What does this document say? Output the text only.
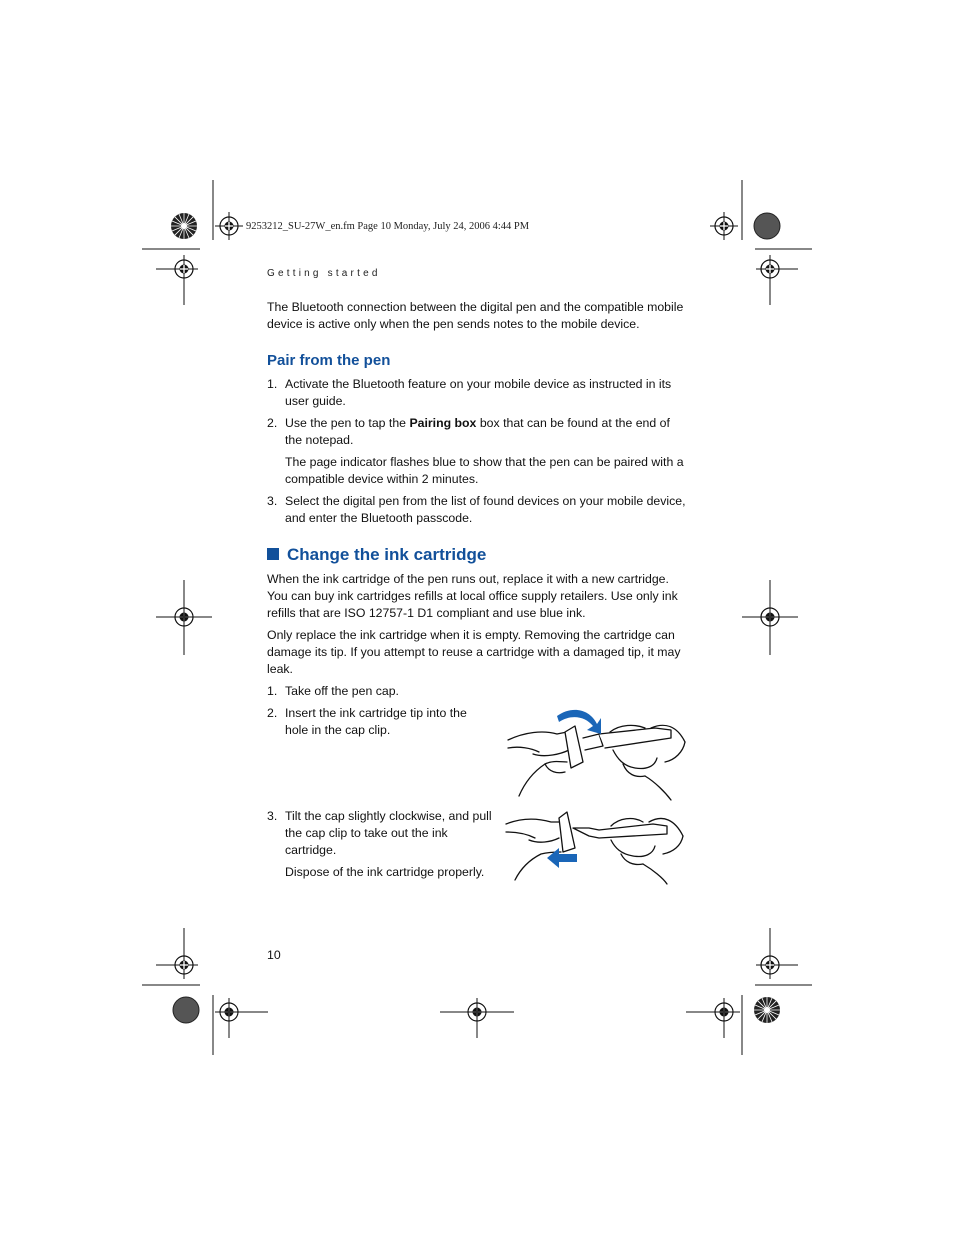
9253212_SU-27W_en.fm Page 10 Monday, July 24, 2006 4:44 PM
Getting started
The Bluetooth connection between the digital pen and the compatible mobile device is active only when the pen sends notes to the mobile device.
Pair from the pen
1. Activate the Bluetooth feature on your mobile device as instructed in its user guide.
2. Use the pen to tap the Pairing box box that can be found at the end of the notepad.
The page indicator flashes blue to show that the pen can be paired with a compatible device within 2 minutes.
3. Select the digital pen from the list of found devices on your mobile device, and enter the Bluetooth passcode.
Change the ink cartridge
When the ink cartridge of the pen runs out, replace it with a new cartridge. You can buy ink cartridges refills at local office supply retailers. Use only ink refills that are ISO 12757-1 D1 compliant and use blue ink.
Only replace the ink cartridge when it is empty. Removing the cartridge can damage its tip. If you attempt to reuse a cartridge with a damaged tip, it may leak.
1. Take off the pen cap.
2. Insert the ink cartridge tip into the hole in the cap clip.
3. Tilt the cap slightly clockwise, and pull the cap clip to take out the ink cartridge.
Dispose of the ink cartridge properly.
10
